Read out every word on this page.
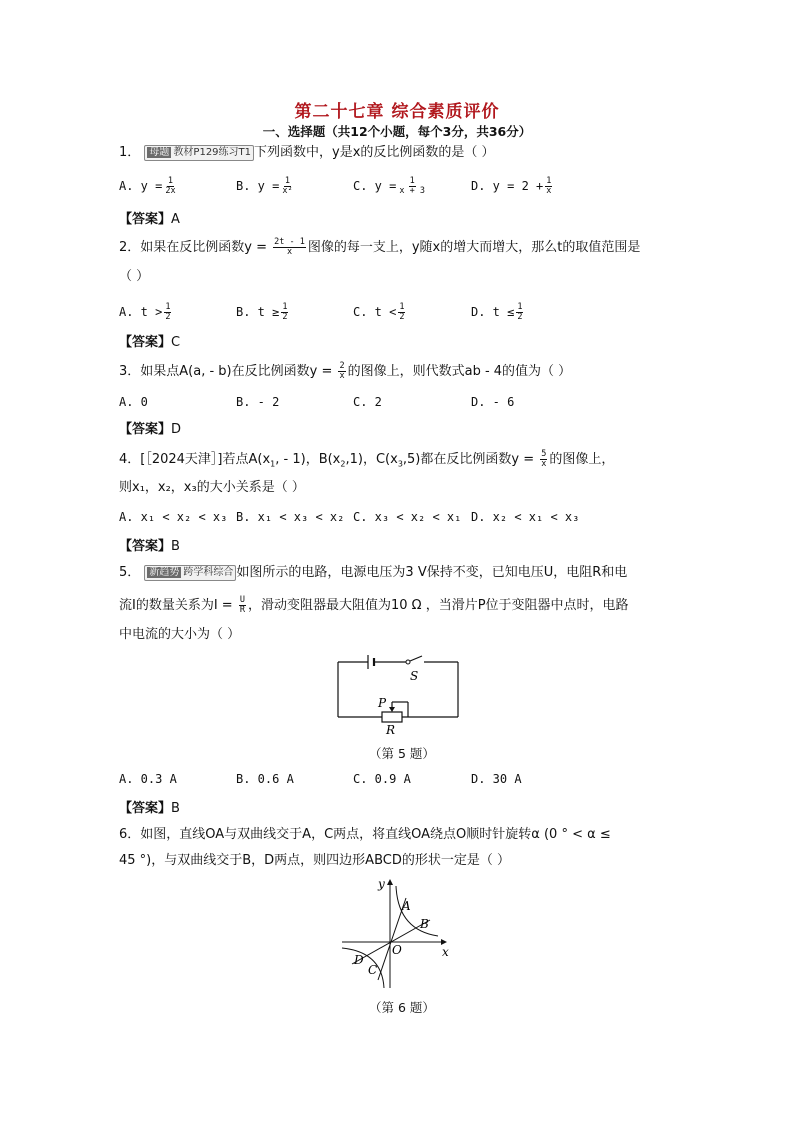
第二十七章 综合素质评价
一、选择题（共12个小题，每个3分，共36分）
1． 母题 教材P129练习T1 下列函数中，y是x的反比例函数的是（ ）
A. $y = \frac{1}{2x}$	B. $y = \frac{1}{\text{x²}}$	C. $y = \frac{1}{x + 3}$	D. $y = 2 + \frac{1}{x}$
【答案】A
2．如果在反比例函数$y = \frac{2t - 1}{x}$ 图像的每一支上，y随x的增大而增大，那么t的取值范围是
（ ）
A. $t > \frac{1}{2}$	B. $t \ge \frac{1}{2}$	C. $t < \frac{1}{2}$	D. $t \le \frac{1}{2}$
【答案】C
3．如果点A(a, - b)在反比例函数$y = \frac{2}{x}$ 的图像上，则代数式ab - 4的值为（ ）
A. 0	B. - 2	C. 2	D. - 6
【答案】D
4．[［2024天津］]若点$A(x_1$, - 1)，$B(x_2,1)$，$C(x_3,5)$都在反比例函数$y = \frac{5}{x}$ 的图像上，
则x₁，x₂，x₃的大小关系是（ ）
A. x₁ < x₂ < x₃ B. x₁ < x₃ < x₂ C. x₃ < x₂ < x₁ D. x₂ < x₁ < x₃
【答案】B
5． 新趋势 跨学科综合 如图所示的电路，电源电压为3 V保持不变，已知电压U，电阻R和电
流I的数量关系为$I = \frac{U}{R}$ ，滑动变阻器最大阻值为10 Ω ，当滑片P位于变阻器中点时，电路
中电流的大小为（ ）
S
P
R
（第 5 题）
A. 0.3 A	B. 0.6 A	C. 0.9 A	D. 30 A
【答案】B
6．如图，直线OA与双曲线交于A，C两点，将直线OA绕点O顺时针旋转α (0 ° < α ≤
45 °)，与双曲线交于B，D两点，则四边形ABCD的形状一定是（ ）
y
x
O
A
B
C
D
（第 6 题）
